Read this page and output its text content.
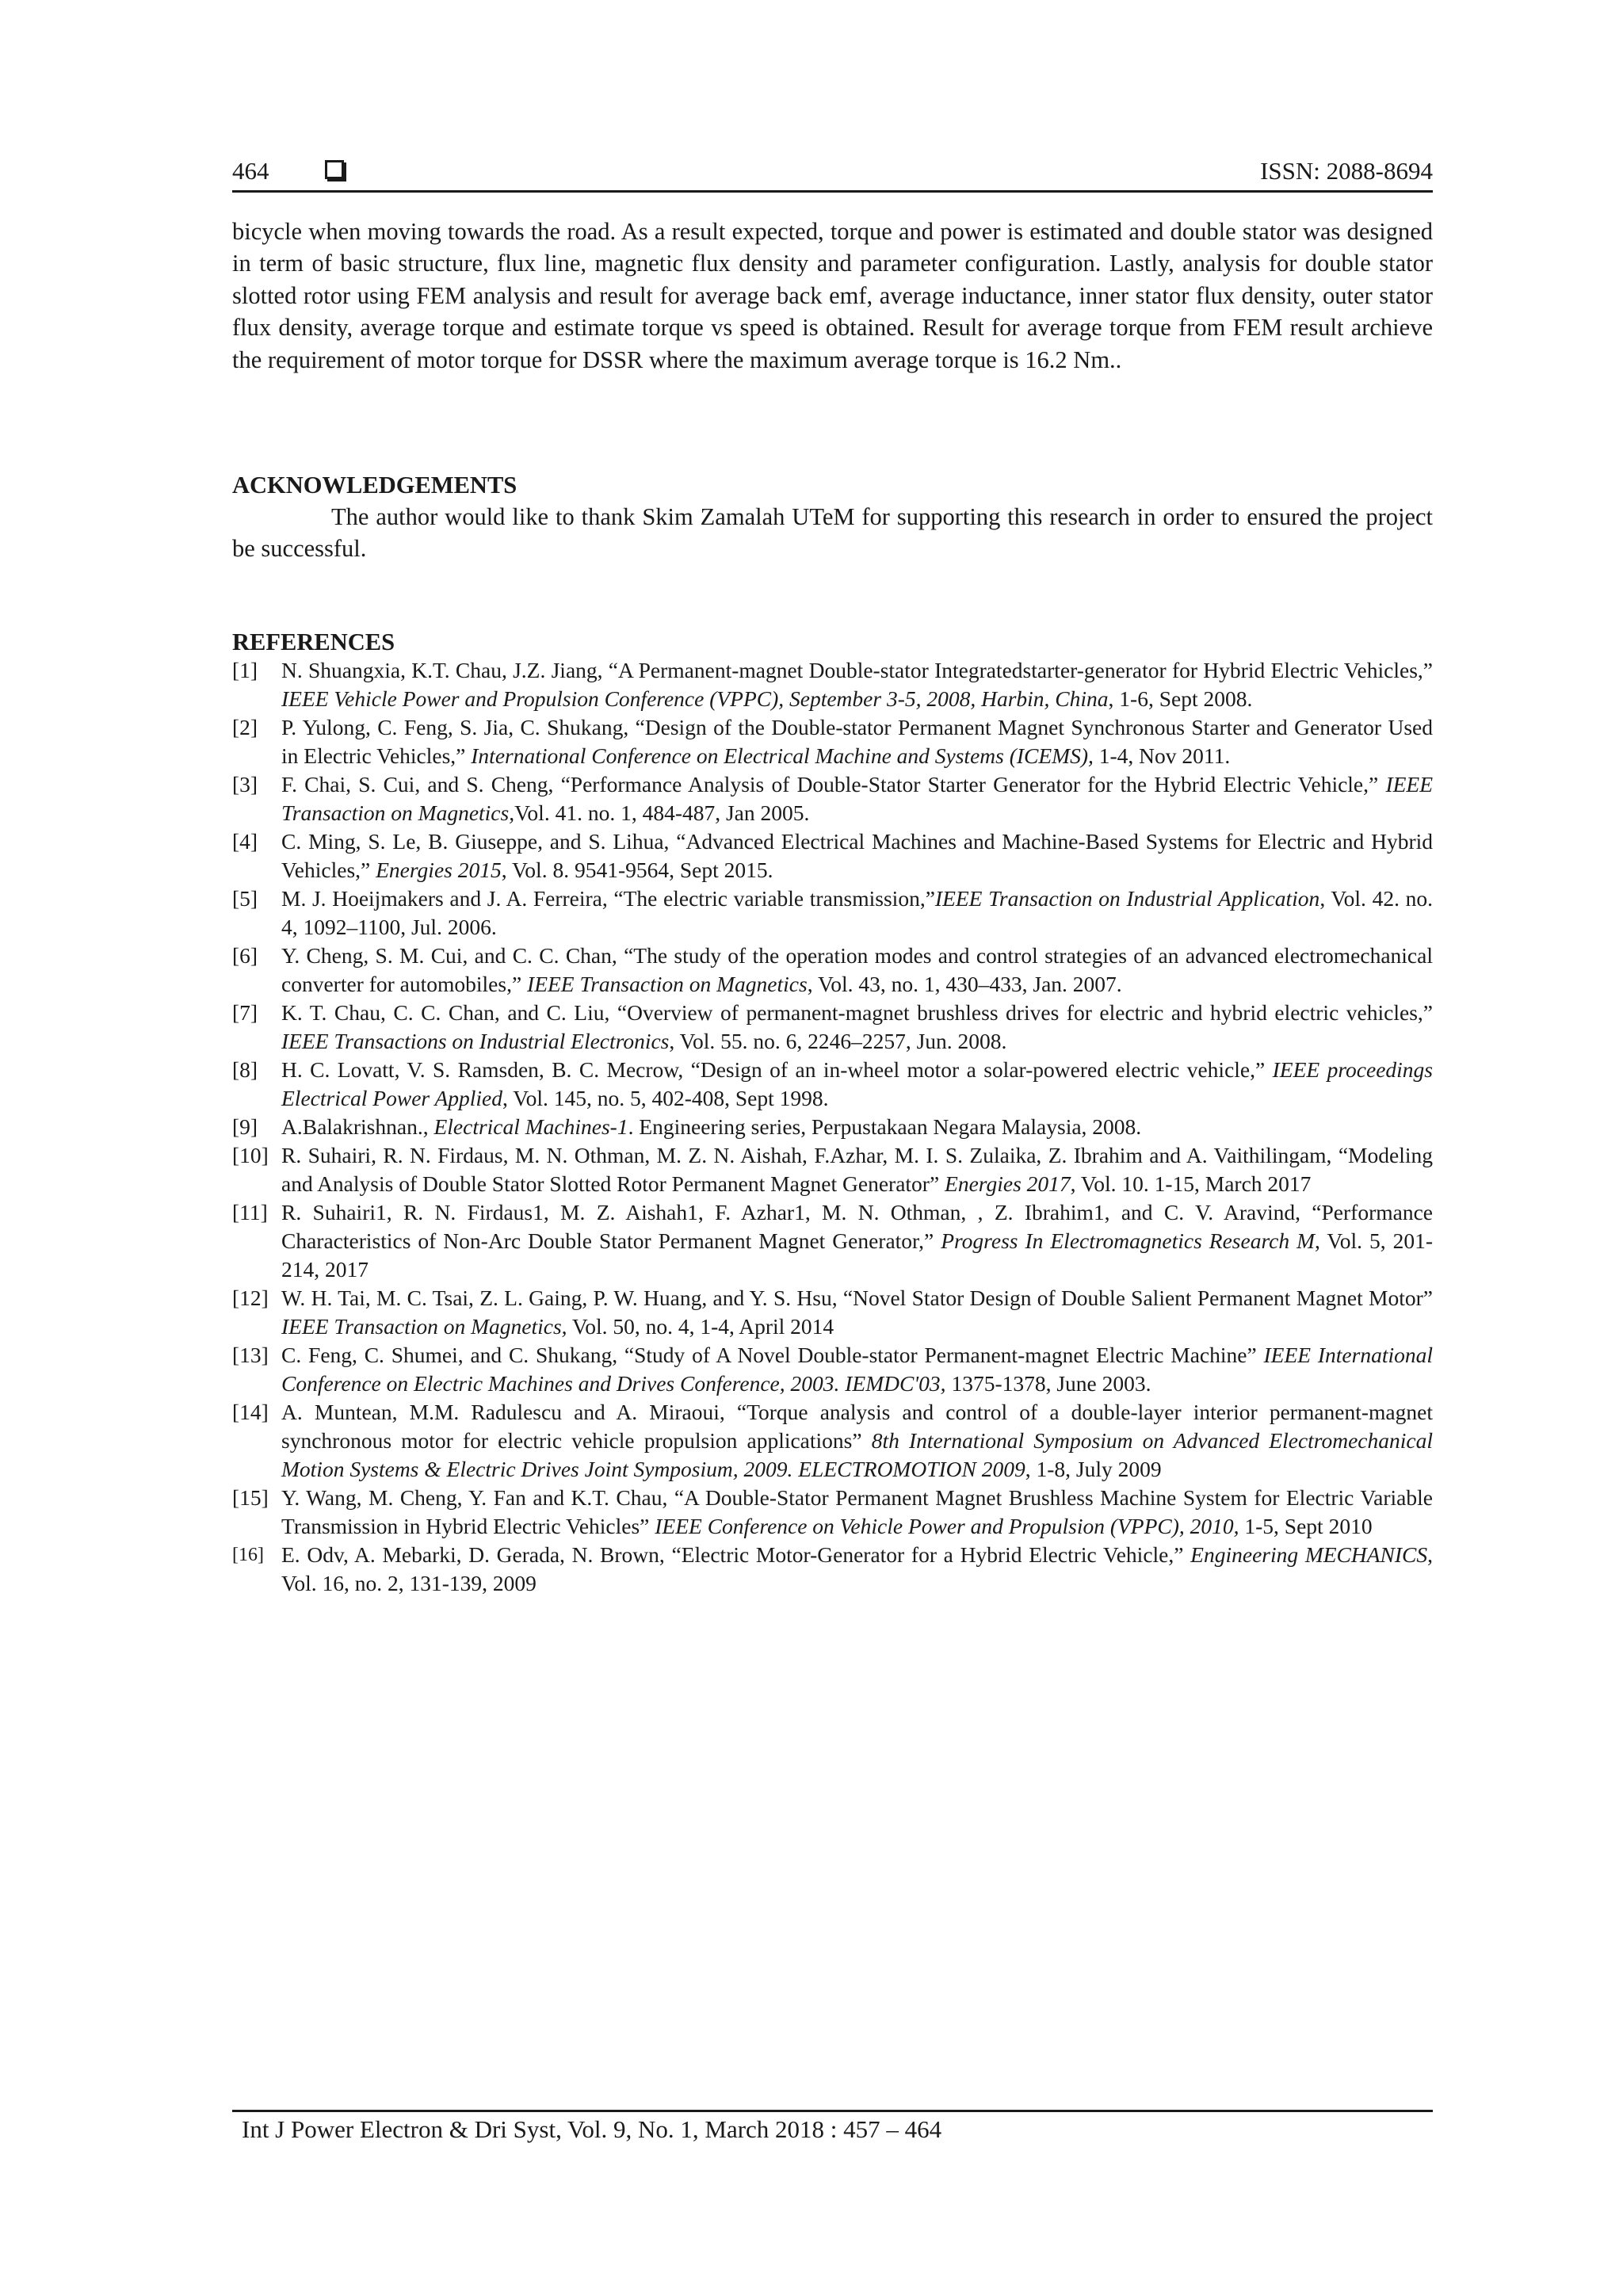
464	ISSN: 2088-8694

bicycle when moving towards the road. As a result expected, torque and power is estimated and double stator was designed in term of basic structure, flux line, magnetic flux density and parameter configuration. Lastly, analysis for double stator slotted rotor using FEM analysis and result for average back emf, average inductance, inner stator flux density, outer stator flux density, average torque and estimate torque vs speed is obtained. Result for average torque from FEM result archieve the requirement of motor torque for DSSR where the maximum average torque is 16.2 Nm..

ACKNOWLEDGEMENTS

The author would like to thank Skim Zamalah UTeM for supporting this research in order to ensured the project be successful.

REFERENCES
[1] N. Shuangxia, K.T. Chau, J.Z. Jiang, “A Permanent-magnet Double-stator Integratedstarter-generator for Hybrid Electric Vehicles,” IEEE Vehicle Power and Propulsion Conference (VPPC), September 3-5, 2008, Harbin, China, 1-6, Sept 2008.
[2] P. Yulong, C. Feng, S. Jia, C. Shukang, “Design of the Double-stator Permanent Magnet Synchronous Starter and Generator Used in Electric Vehicles,” International Conference on Electrical Machine and Systems (ICEMS), 1-4, Nov 2011.
[3] F. Chai, S. Cui, and S. Cheng, “Performance Analysis of Double-Stator Starter Generator for the Hybrid Electric Vehicle,” IEEE Transaction on Magnetics,Vol. 41. no. 1, 484-487, Jan 2005.
[4] C. Ming, S. Le, B. Giuseppe, and S. Lihua, “Advanced Electrical Machines and Machine-Based Systems for Electric and Hybrid Vehicles,” Energies 2015, Vol. 8. 9541-9564, Sept 2015.
[5] M. J. Hoeijmakers and J. A. Ferreira, “The electric variable transmission,”IEEE Transaction on Industrial Application, Vol. 42. no. 4, 1092–1100, Jul. 2006.
[6] Y. Cheng, S. M. Cui, and C. C. Chan, “The study of the operation modes and control strategies of an advanced electromechanical converter for automobiles,” IEEE Transaction on Magnetics, Vol. 43, no. 1, 430–433, Jan. 2007.
[7] K. T. Chau, C. C. Chan, and C. Liu, “Overview of permanent-magnet brushless drives for electric and hybrid electric vehicles,” IEEE Transactions on Industrial Electronics, Vol. 55. no. 6, 2246–2257, Jun. 2008.
[8] H. C. Lovatt, V. S. Ramsden, B. C. Mecrow, “Design of an in-wheel motor a solar-powered electric vehicle,” IEEE proceedings Electrical Power Applied, Vol. 145, no. 5, 402-408, Sept 1998.
[9] A.Balakrishnan., Electrical Machines-1. Engineering series, Perpustakaan Negara Malaysia, 2008.
[10] R. Suhairi, R. N. Firdaus, M. N. Othman, M. Z. N. Aishah, F.Azhar, M. I. S. Zulaika, Z. Ibrahim and A. Vaithilingam, “Modeling and Analysis of Double Stator Slotted Rotor Permanent Magnet Generator” Energies 2017, Vol. 10. 1-15, March 2017
[11] R. Suhairi1, R. N. Firdaus1, M. Z. Aishah1, F. Azhar1, M. N. Othman, , Z. Ibrahim1, and C. V. Aravind, “Performance Characteristics of Non-Arc Double Stator Permanent Magnet Generator,” Progress In Electromagnetics Research M, Vol. 5, 201-214, 2017
[12] W. H. Tai, M. C. Tsai, Z. L. Gaing, P. W. Huang, and Y. S. Hsu, “Novel Stator Design of Double Salient Permanent Magnet Motor” IEEE Transaction on Magnetics, Vol. 50, no. 4, 1-4, April 2014
[13] C. Feng, C. Shumei, and C. Shukang, “Study of A Novel Double-stator Permanent-magnet Electric Machine” IEEE International Conference on Electric Machines and Drives Conference, 2003. IEMDC'03, 1375-1378, June 2003.
[14] A. Muntean, M.M. Radulescu and A. Miraoui, “Torque analysis and control of a double-layer interior permanent-magnet synchronous motor for electric vehicle propulsion applications” 8th International Symposium on Advanced Electromechanical Motion Systems & Electric Drives Joint Symposium, 2009. ELECTROMOTION 2009, 1-8, July 2009
[15] Y. Wang, M. Cheng, Y. Fan and K.T. Chau, “A Double-Stator Permanent Magnet Brushless Machine System for Electric Variable Transmission in Hybrid Electric Vehicles” IEEE Conference on Vehicle Power and Propulsion (VPPC), 2010, 1-5, Sept 2010
[16] E. Odv, A. Mebarki, D. Gerada, N. Brown, “Electric Motor-Generator for a Hybrid Electric Vehicle,” Engineering MECHANICS, Vol. 16, no. 2, 131-139, 2009
Int J Power Electron & Dri Syst, Vol. 9, No. 1, March 2018 : 457 – 464
